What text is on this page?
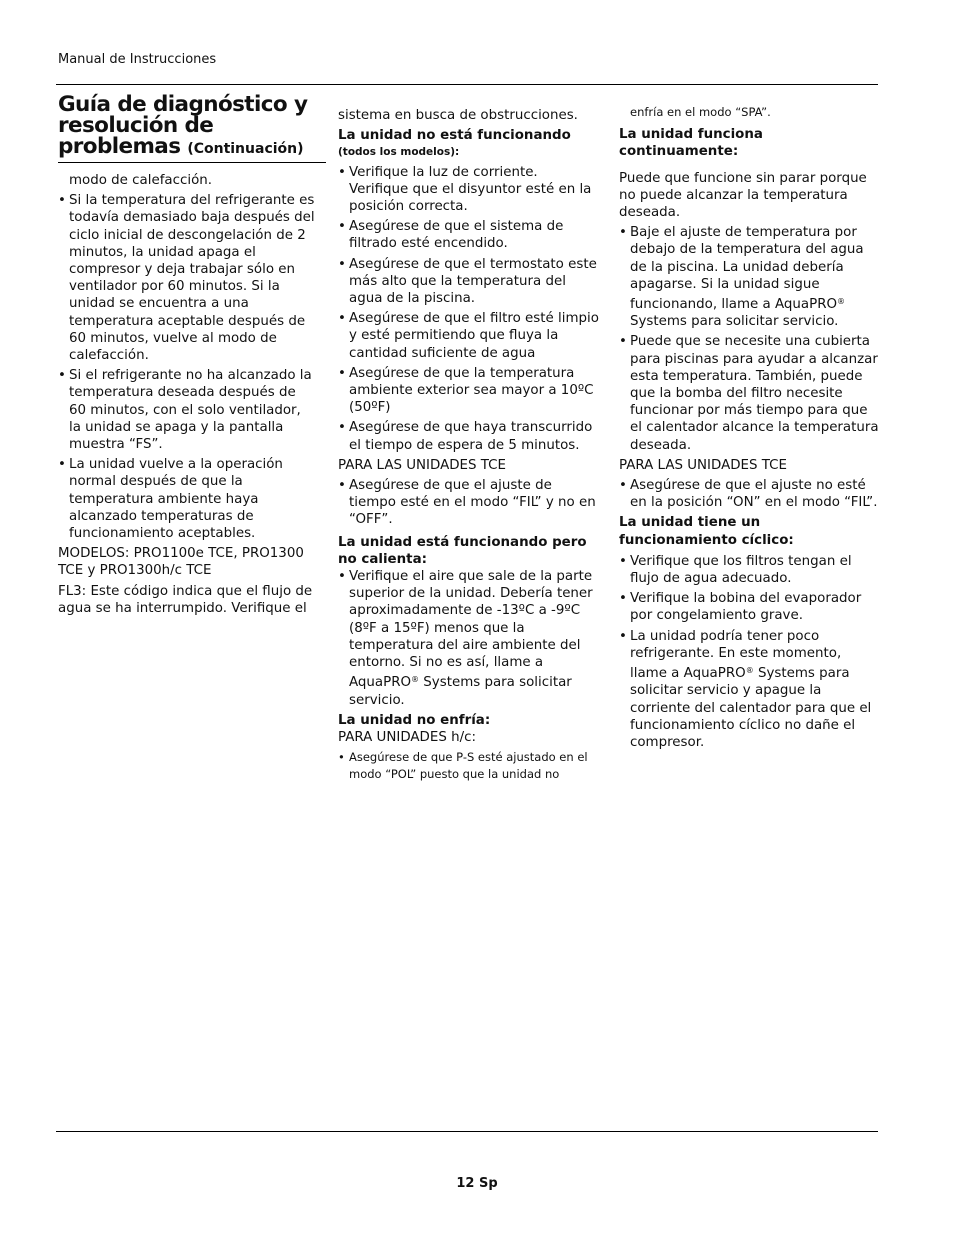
Manual de Instrucciones
Guía de diagnóstico y resolución de problemas (Continuación)

modo de calefacción.

• Si la temperatura del refrigerante es todavía demasiado baja después del ciclo inicial de descongelación de 2 minutos, la unidad apaga el compresor y deja trabajar sólo en ventilador por 60 minutos. Si la unidad se encuentra a una temperatura aceptable después de 60 minutos, vuelve al modo de calefacción.
• Si el refrigerante no ha alcanzado la temperatura deseada después de 60 minutos, con el solo ventilador, la unidad se apaga y la pantalla muestra “FS”.
• La unidad vuelve a la operación normal después de que la temperatura ambiente haya alcanzado temperaturas de funcionamiento aceptables.

MODELOS: PRO1100e TCE, PRO1300 TCE y PRO1300h/c TCE

FL3: Este código indica que el flujo de agua se ha interrumpido. Verifique el

sistema en busca de obstrucciones.

La unidad no está funcionando

(todos los modelos):

• Verifique la luz de corriente. Verifique que el disyuntor esté en la posición correcta.
• Asegúrese de que el sistema de filtrado esté encendido.
• Asegúrese de que el termostato este más alto que la temperatura del agua de la piscina.
• Asegúrese de que el filtro esté limpio y esté permitiendo que fluya la cantidad suficiente de agua
• Asegúrese de que la temperatura ambiente exterior sea mayor a 10ºC (50ºF)
• Asegúrese de que haya transcurrido el tiempo de espera de 5 minutos.

PARA LAS UNIDADES TCE

• Asegúrese de que el ajuste de tiempo esté en el modo “FIL” y no en “OFF”.

La unidad está funcionando pero no calienta:

• Verifique el aire que sale de la parte superior de la unidad. Debería tener aproximadamente de -13ºC a -9ºC (8ºF a 15ºF) menos que la temperatura del aire ambiente del entorno. Si no es así, llame a AquaPRO® Systems para solicitar servicio.

La unidad no enfría:

PARA UNIDADES h/c:

• Asegúrese de que P-S esté ajustado en el modo “POL” puesto que la unidad no

enfría en el modo “SPA”.

La unidad funciona continuamente:

Puede que funcione sin parar porque no puede alcanzar la temperatura deseada.

• Baje el ajuste de temperatura por debajo de la temperatura del agua de la piscina. La unidad debería apagarse. Si la unidad sigue funcionando, llame a AquaPRO® Systems para solicitar servicio.
• Puede que se necesite una cubierta para piscinas para ayudar a alcanzar esta temperatura. También, puede que la bomba del filtro necesite funcionar por más tiempo para que el calentador alcance la temperatura deseada.

PARA LAS UNIDADES TCE

• Asegúrese de que el ajuste no esté en la posición “ON” en el modo “FIL”.

La unidad tiene un funcionamiento cíclico:

• Verifique que los filtros tengan el flujo de agua adecuado.
• Verifique la bobina del evaporador por congelamiento grave.
• La unidad podría tener poco refrigerante. En este momento, llame a AquaPRO® Systems para solicitar servicio y apague la corriente del calentador para que el funcionamiento cíclico no dañe el compresor.
12 Sp
